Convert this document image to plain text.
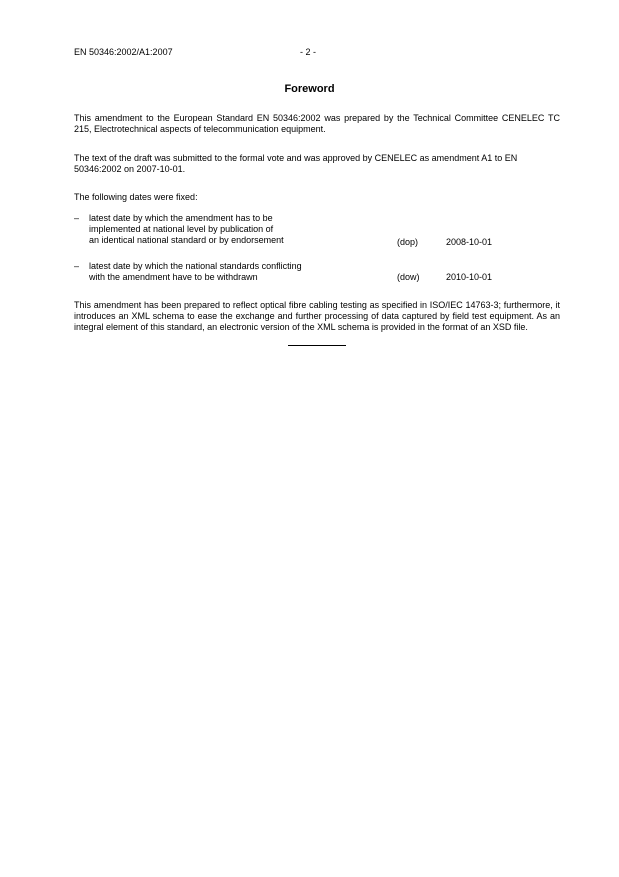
EN 50346:2002/A1:2007	- 2 -
Foreword

This amendment to the European Standard EN 50346:2002 was prepared by the Technical Committee CENELEC TC 215, Electrotechnical aspects of telecommunication equipment.

The text of the draft was submitted to the formal vote and was approved by CENELEC as amendment A1 to EN 50346:2002 on 2007-10-01.

The following dates were fixed:

– latest date by which the amendment has to be
implemented at national level by publication of
an identical national standard or by endorsement	(dop)	2008-10-01
– latest date by which the national standards conflicting
with the amendment have to be withdrawn	(dow)	2010-10-01

This amendment has been prepared to reflect optical fibre cabling testing as specified in ISO/IEC 14763-3; furthermore, it introduces an XML schema to ease the exchange and further processing of data captured by field test equipment. As an integral element of this standard, an electronic version of the XML schema is provided in the format of an XSD file.
